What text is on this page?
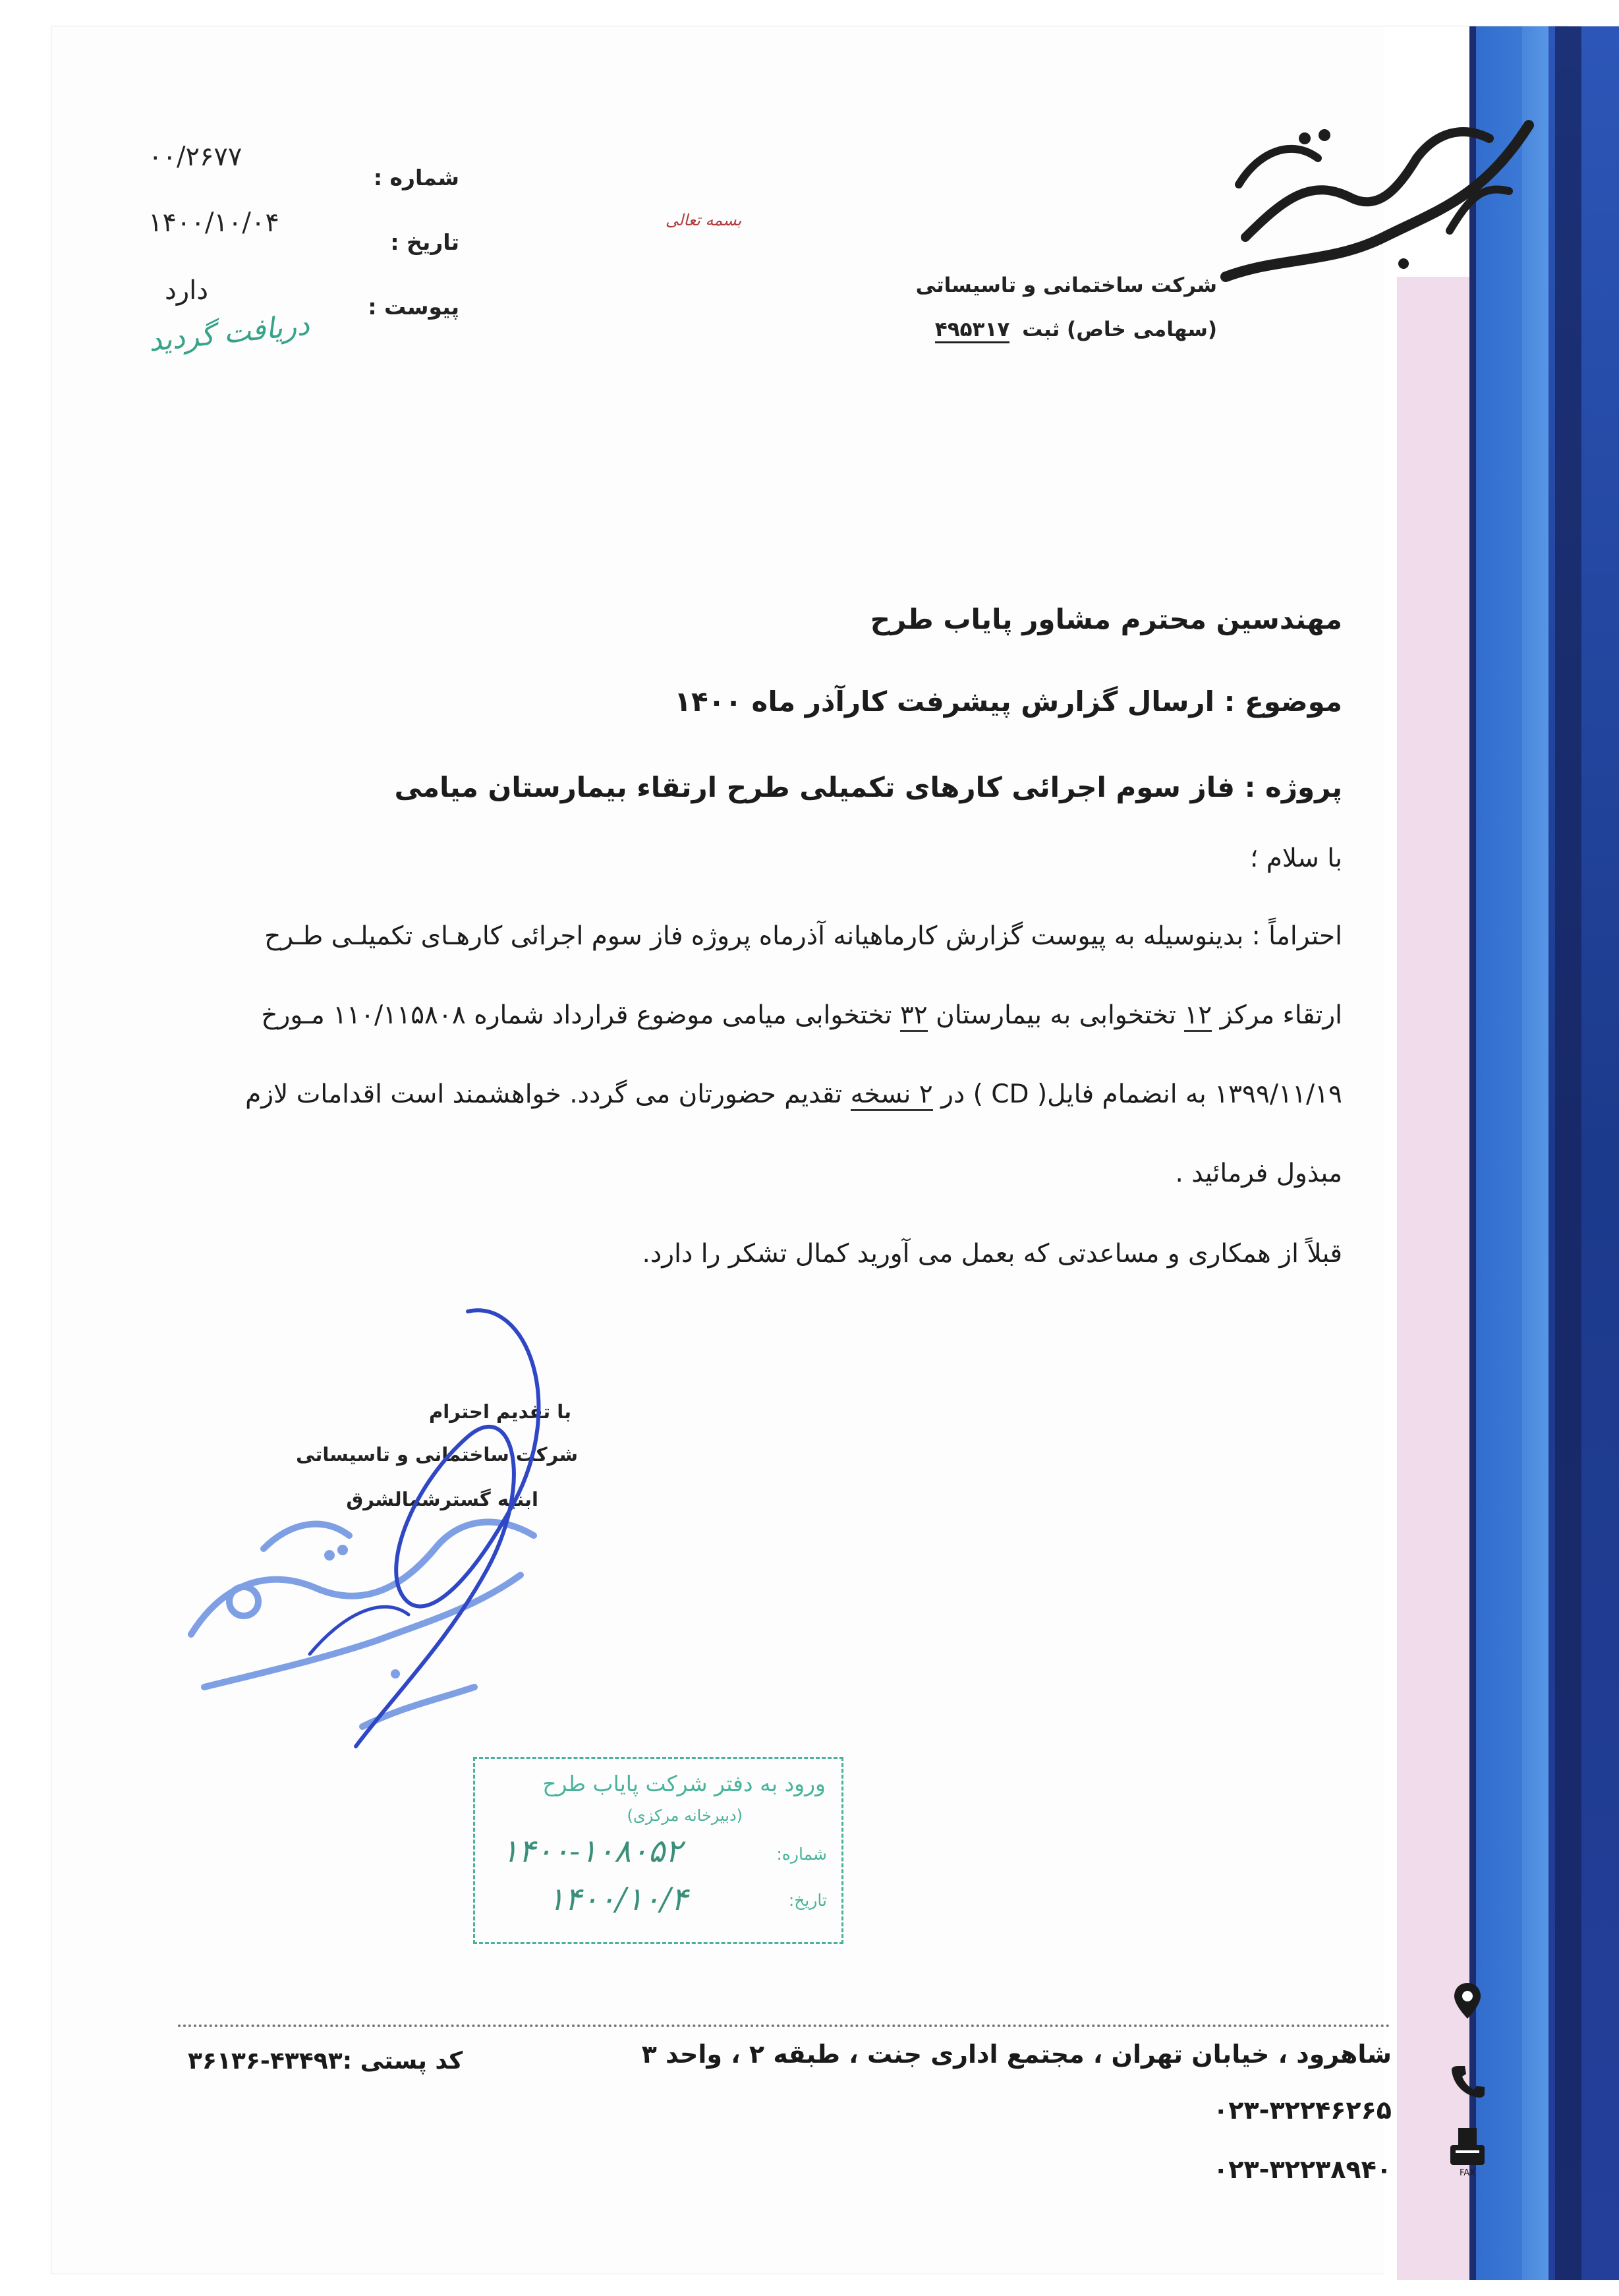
شرکت ساختمانی و تاسیساتی
(سهامی خاص) ثبت ۴۹۵۳۱۷
بسمه تعالی
شماره :
۰۰/۲۶۷۷
تاریخ :
۱۴۰۰/۱۰/۰۴
پیوست :
دارد
دریافت گردید
مهندسین محترم مشاور پایاب طرح
موضوع : ارسال گزارش پیشرفت کارآذر ماه ۱۴۰۰
پروژه : فاز سوم اجرائی کارهای تکمیلی طرح ارتقاء بیمارستان میامی
با سلام ؛
احتراماً : بدینوسیله به پیوست گزارش کارماهیانه آذرماه پروژه فاز سوم اجرائی کارهـای تکمیلـی طـرح
ارتقاء مرکز ۱۲ تختخوابی به بیمارستان ۳۲ تختخوابی میامی موضوع قرارداد شماره ۱۱۰/۱۱۵۸۰۸ مـورخ
۱۳۹۹/۱۱/۱۹ به انضمام فایل( CD ) در ۲ نسخه تقدیم حضورتان می گردد. خواهشمند است اقدامات لازم
مبذول فرمائید .
قبلاً از همکاری و مساعدتی که بعمل می آورید کمال تشکر را دارد.
با تقدیم احترام
شرکت ساختمانی و تاسیساتی
ابنیه گسترشمالشرق
ورود به دفتر شرکت پایاب طرح
(دبیرخانه مرکزی)
شماره:
تاریخ:
۱۴۰۰-۱۰۸۰۵۲
۱۴۰۰/۱۰/۴
FAX
شاهرود ، خیابان تهران ، مجتمع اداری جنت ، طبقه ۲ ، واحد ۳
کد پستی :۴۳۴۹۳-۳۶۱۳۶
۰۲۳-۳۲۲۴۶۲۶۵
۰۲۳-۳۲۲۳۸۹۴۰
